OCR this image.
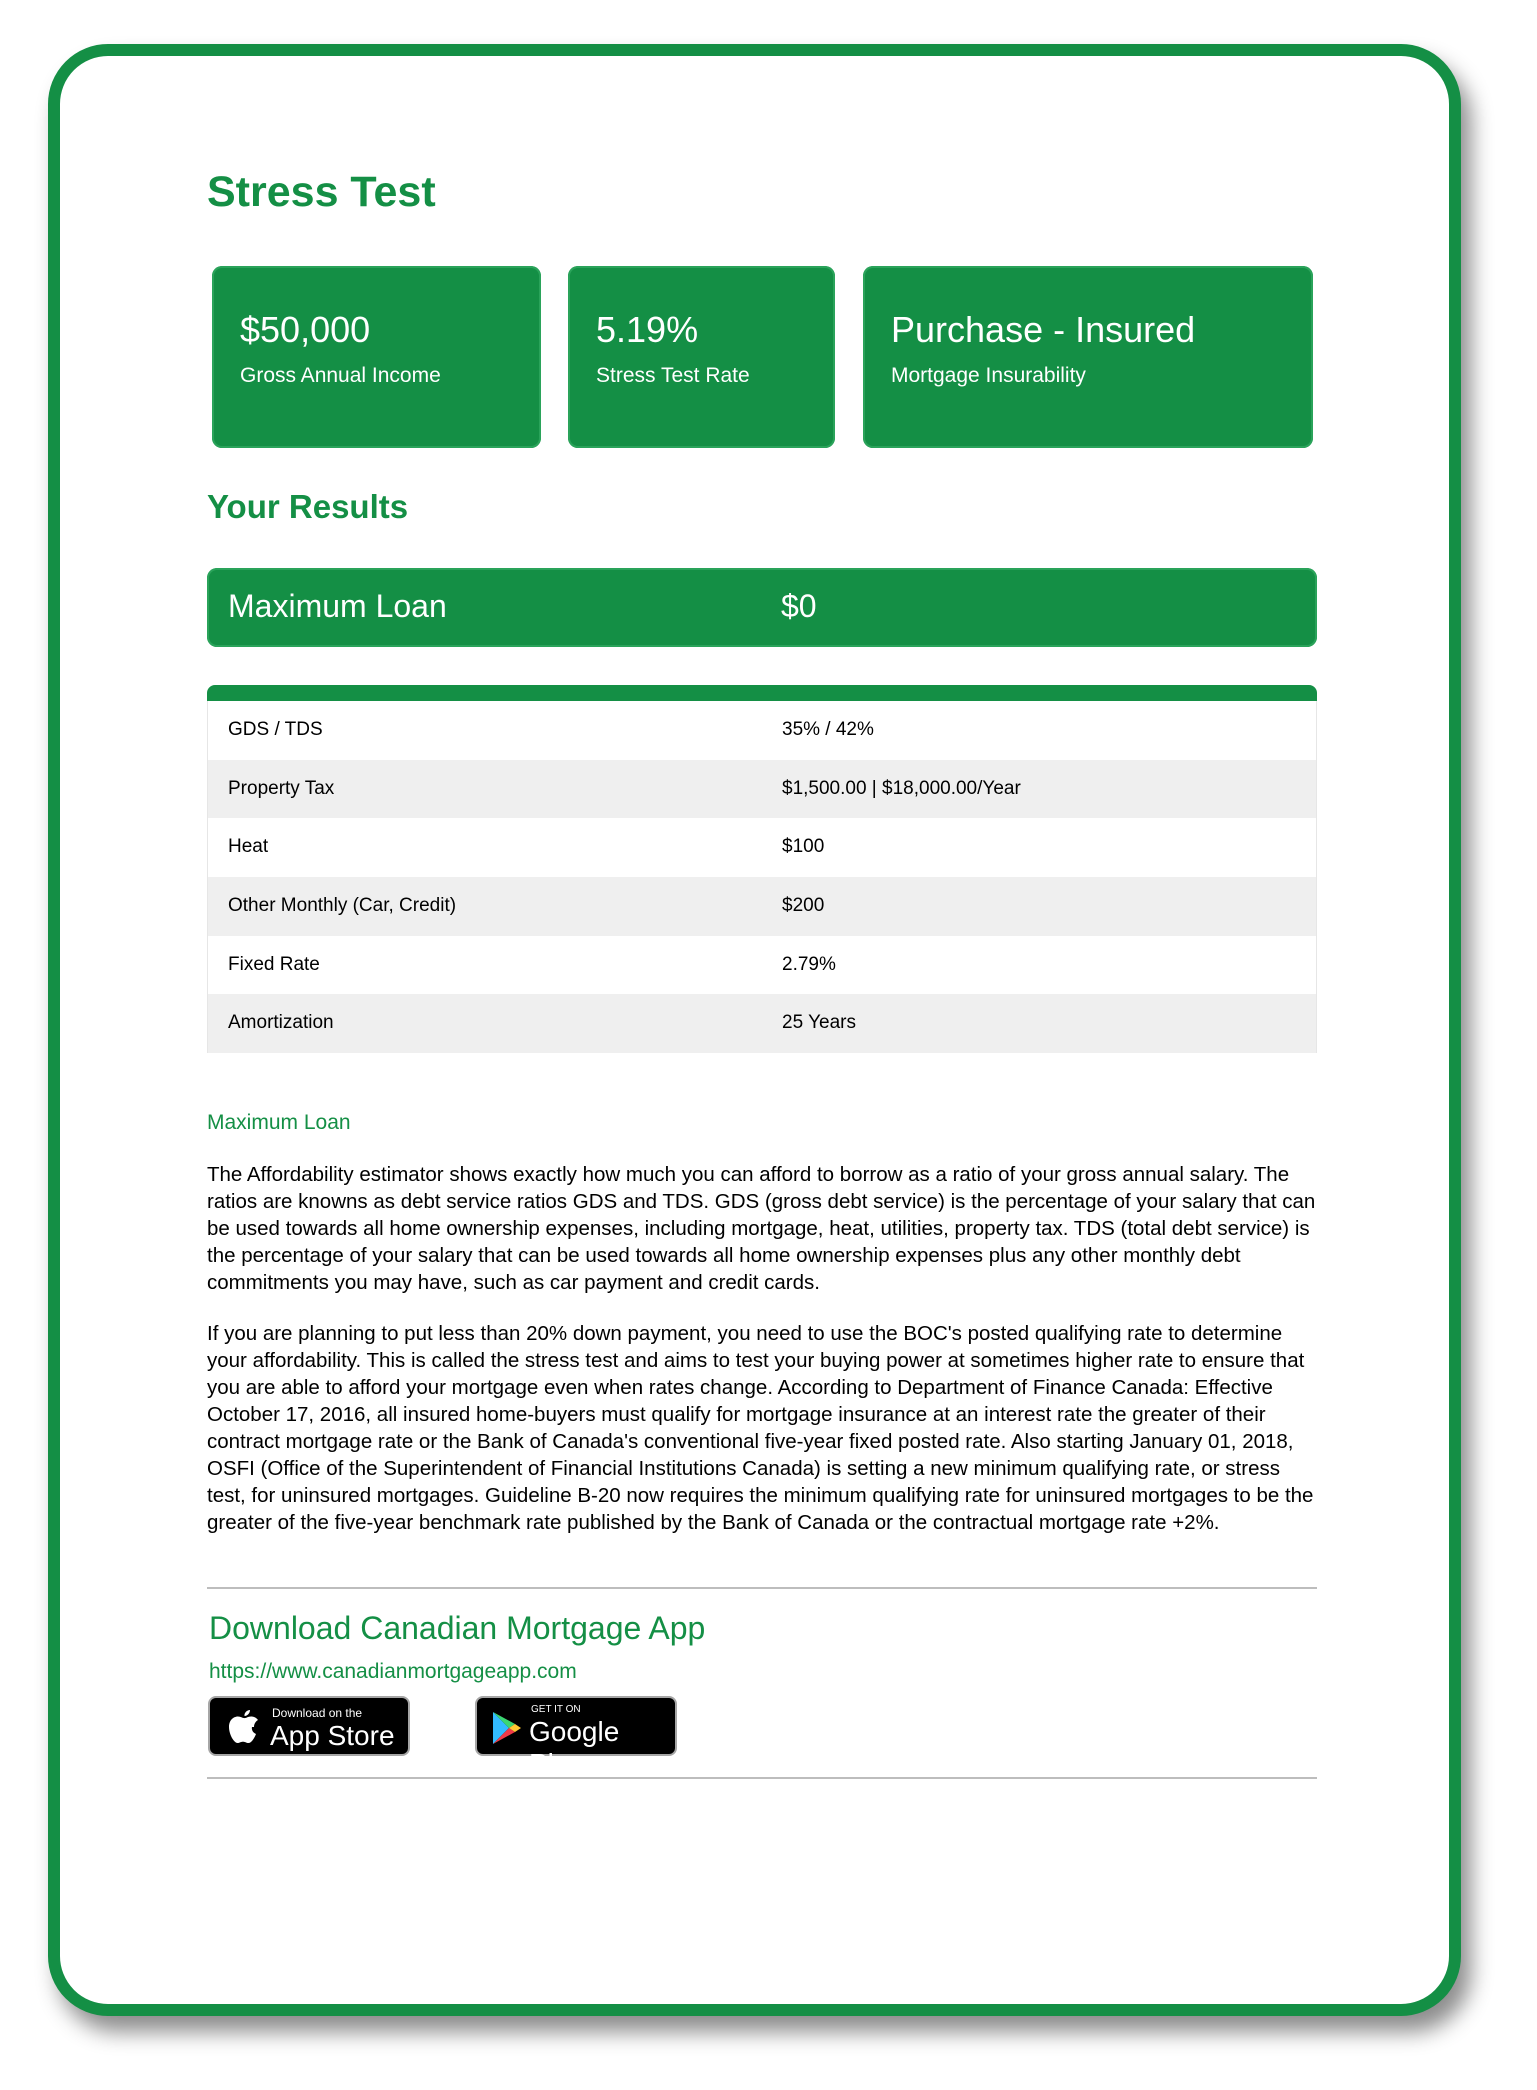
Stress Test
$50,000
Gross Annual Income
5.19%
Stress Test Rate
Purchase - Insured
Mortgage Insurability
Your Results
Maximum Loan	$0
GDS / TDS	35% / 42%
Property Tax	$1,500.00 | $18,000.00/Year
Heat	$100
Other Monthly (Car, Credit)	$200
Fixed Rate	2.79%
Amortization	25 Years
Maximum Loan

The Affordability estimator shows exactly how much you can afford to borrow as a ratio of your gross annual salary. The ratios are knowns as debt service ratios GDS and TDS. GDS (gross debt service) is the percentage of your salary that can be used towards all home ownership expenses, including mortgage, heat, utilities, property tax. TDS (total debt service) is the percentage of your salary that can be used towards all home ownership expenses plus any other monthly debt commitments you may have, such as car payment and credit cards.

If you are planning to put less than 20% down payment, you need to use the BOC's posted qualifying rate to determine your affordability. This is called the stress test and aims to test your buying power at sometimes higher rate to ensure that you are able to afford your mortgage even when rates change. According to Department of Finance Canada: Effective October 17, 2016, all insured home-buyers must qualify for mortgage insurance at an interest rate the greater of their contract mortgage rate or the Bank of Canada's conventional five-year fixed posted rate. Also starting January 01, 2018, OSFI (Office of the Superintendent of Financial Institutions Canada) is setting a new minimum qualifying rate, or stress test, for uninsured mortgages. Guideline B-20 now requires the minimum qualifying rate for uninsured mortgages to be the greater of the five-year benchmark rate published by the Bank of Canada or the contractual mortgage rate +2%.

Download Canadian Mortgage App
https://www.canadianmortgageapp.com
Download on the
App Store
GET IT ON
Google Play
